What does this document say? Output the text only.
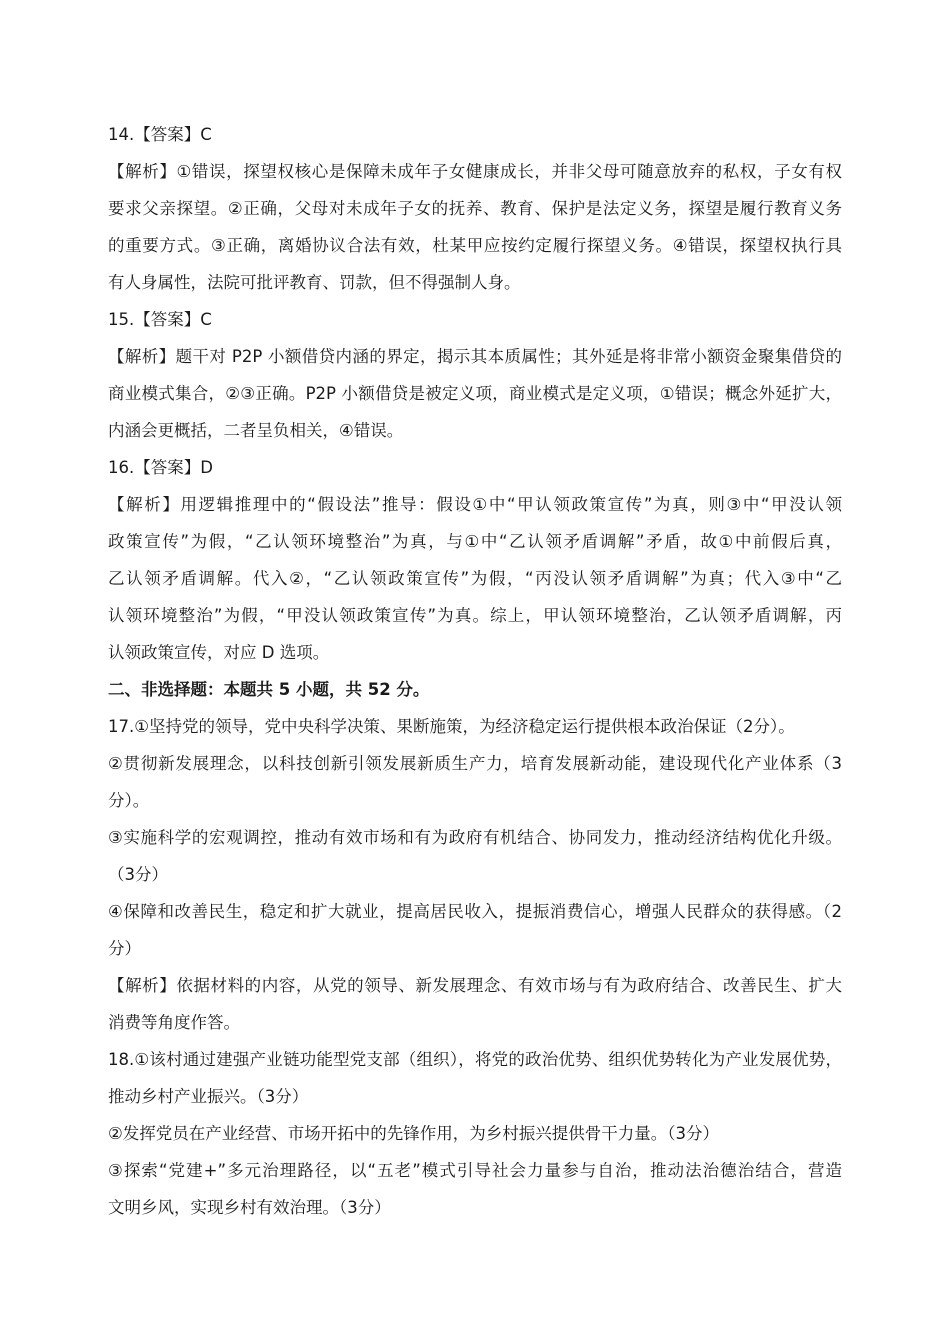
14.【答案】C
【解析】①错误，探望权核心是保障未成年子女健康成长，并非父母可随意放弃的私权，子女有权
要求父亲探望。②正确，父母对未成年子女的抚养、教育、保护是法定义务，探望是履行教育义务
的重要方式。③正确，离婚协议合法有效，杜某甲应按约定履行探望义务。④错误，探望权执行具
有人身属性，法院可批评教育、罚款，但不得强制人身。
15.【答案】C
【解析】题干对 P2P 小额借贷内涵的界定，揭示其本质属性；其外延是将非常小额资金聚集借贷的
商业模式集合，②③正确。P2P 小额借贷是被定义项，商业模式是定义项，①错误；概念外延扩大，
内涵会更概括，二者呈负相关，④错误。
16.【答案】D
【解析】用逻辑推理中的“假设法”推导：假设①中“甲认领政策宣传”为真，则③中“甲没认领
政策宣传”为假，“乙认领环境整治”为真，与①中“乙认领矛盾调解”矛盾，故①中前假后真，
乙认领矛盾调解。代入②，“乙认领政策宣传”为假，“丙没认领矛盾调解”为真；代入③中“乙
认领环境整治”为假，“甲没认领政策宣传”为真。综上，甲认领环境整治，乙认领矛盾调解，丙
认领政策宣传，对应 D 选项。
二、非选择题：本题共 5 小题，共 52 分。
17.①坚持党的领导，党中央科学决策、果断施策，为经济稳定运行提供根本政治保证（2分）。
②贯彻新发展理念，以科技创新引领发展新质生产力，培育发展新动能，建设现代化产业体系（3
分）。
③实施科学的宏观调控，推动有效市场和有为政府有机结合、协同发力，推动经济结构优化升级。
（3分）
④保障和改善民生，稳定和扩大就业，提高居民收入，提振消费信心，增强人民群众的获得感。（2
分）
【解析】依据材料的内容，从党的领导、新发展理念、有效市场与有为政府结合、改善民生、扩大
消费等角度作答。
18.①该村通过建强产业链功能型党支部（组织），将党的政治优势、组织优势转化为产业发展优势，
推动乡村产业振兴。（3分）
②发挥党员在产业经营、市场开拓中的先锋作用，为乡村振兴提供骨干力量。（3分）
③探索“党建+”多元治理路径，以“五老”模式引导社会力量参与自治，推动法治德治结合，营造
文明乡风，实现乡村有效治理。（3分）
